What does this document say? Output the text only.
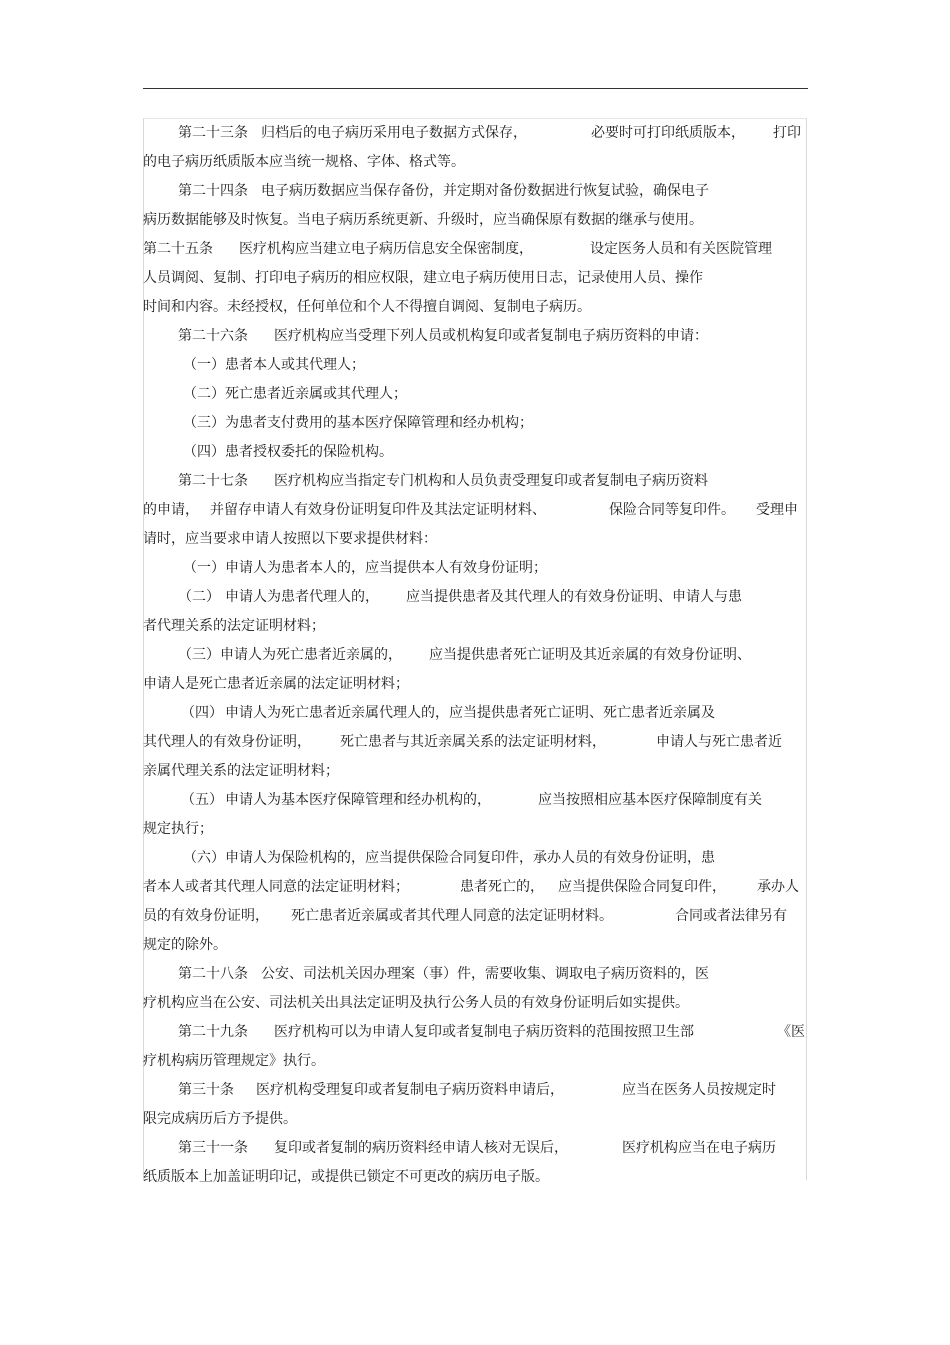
第二十三条 归档后的电子病历采用电子数据方式保存，	必要时可打印纸质版本， 打印
的电子病历纸质版本应当统一规格、字体、格式等。
第二十四条 电子病历数据应当保存备份，并定期对备份数据进行恢复试验，确保电子
病历数据能够及时恢复。当电子病历系统更新、升级时，应当确保原有数据的继承与使用。
第二十五条 医疗机构应当建立电子病历信息安全保密制度，	设定医务人员和有关医院管理
人员调阅、复制、打印电子病历的相应权限，建立电子病历使用日志，记录使用人员、操作
时间和内容。未经授权，任何单位和个人不得擅自调阅、复制电子病历。
第二十六条 医疗机构应当受理下列人员或机构复印或者复制电子病历资料的申请：
（一）患者本人或其代理人；
（二）死亡患者近亲属或其代理人；
（三）为患者支付费用的基本医疗保障管理和经办机构；
（四）患者授权委托的保险机构。
第二十七条 医疗机构应当指定专门机构和人员负责受理复印或者复制电子病历资料
的申请， 并留存申请人有效身份证明复印件及其法定证明材料、	保险合同等复印件。 受理申
请时，应当要求申请人按照以下要求提供材料：
（一）申请人为患者本人的，应当提供本人有效身份证明；
（二） 申请人为患者代理人的， 应当提供患者及其代理人的有效身份证明、申请人与患
者代理关系的法定证明材料；
（三）申请人为死亡患者近亲属的， 应当提供患者死亡证明及其近亲属的有效身份证明、
申请人是死亡患者近亲属的法定证明材料；
（四） 申请人为死亡患者近亲属代理人的，应当提供患者死亡证明、死亡患者近亲属及
其代理人的有效身份证明， 死亡患者与其近亲属关系的法定证明材料，	申请人与死亡患者近
亲属代理关系的法定证明材料；
（五） 申请人为基本医疗保障管理和经办机构的，	应当按照相应基本医疗保障制度有关
规定执行；
（六）申请人为保险机构的，应当提供保险合同复印件，承办人员的有效身份证明，患
者本人或者其代理人同意的法定证明材料；	患者死亡的， 应当提供保险合同复印件， 承办人
员的有效身份证明， 死亡患者近亲属或者其代理人同意的法定证明材料。	合同或者法律另有
规定的除外。
第二十八条 公安、司法机关因办理案（事）件，需要收集、调取电子病历资料的，医
疗机构应当在公安、司法机关出具法定证明及执行公务人员的有效身份证明后如实提供。
第二十九条 医疗机构可以为申请人复印或者复制电子病历资料的范围按照卫生部	《医
疗机构病历管理规定》执行。
第三十条 医疗机构受理复印或者复制电子病历资料申请后，	应当在医务人员按规定时
限完成病历后方予提供。
第三十一条 复印或者复制的病历资料经申请人核对无误后，	医疗机构应当在电子病历
纸质版本上加盖证明印记，或提供已锁定不可更改的病历电子版。
